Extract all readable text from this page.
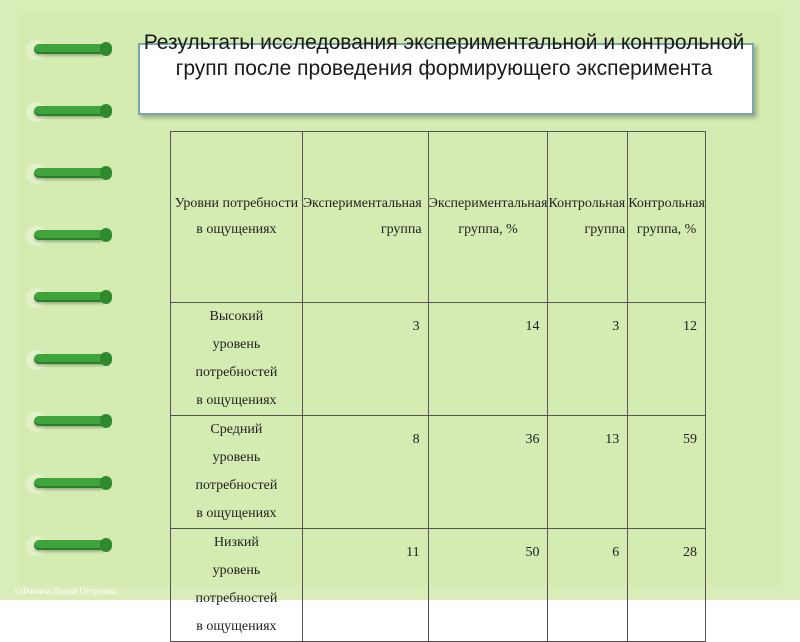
Результаты исследования экспериментальной и контрольной групп после проведения формирующего эксперимента
Уровни потребности в ощущениях	Экспериментальная группа	Экспериментальная группа, %	Контрольная группа	Контрольная группа, %
Высокий уровень потребностей в ощущениях	3	14	3	12
Средний уровень потребностей в ощущениях	8	36	13	59
Низкий уровень потребностей в ощущениях	11	50	6	28
©Фокина Лидия Петровна
